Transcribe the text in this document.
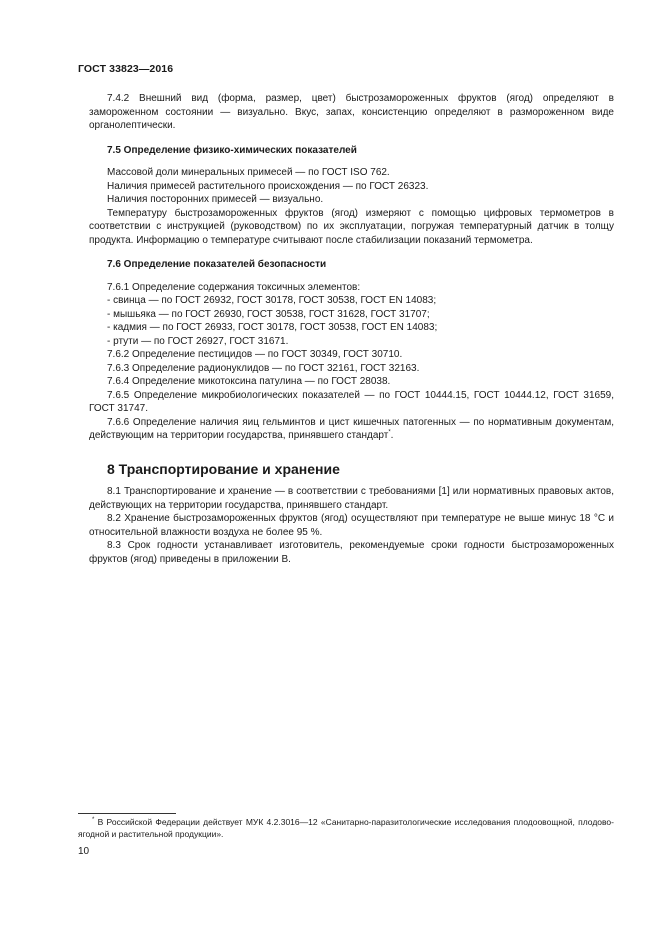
ГОСТ 33823—2016

7.4.2 Внешний вид (форма, размер, цвет) быстрозамороженных фруктов (ягод) определяют в замороженном состоянии — визуально. Вкус, запах, консистенцию определяют в размороженном виде органолептически.

7.5 Определение физико-химических показателей

Массовой доли минеральных примесей — по ГОСТ ISO 762.

Наличия примесей растительного происхождения — по ГОСТ 26323.

Наличия посторонних примесей — визуально.

Температуру быстрозамороженных фруктов (ягод) измеряют с помощью цифровых термометров в соответствии с инструкцией (руководством) по их эксплуатации, погружая температурный датчик в толщу продукта. Информацию о температуре считывают после стабилизации показаний термометра.

7.6 Определение показателей безопасности

7.6.1 Определение содержания токсичных элементов:

- свинца — по ГОСТ 26932, ГОСТ 30178, ГОСТ 30538, ГОСТ EN 14083;

- мышьяка — по ГОСТ 26930, ГОСТ 30538, ГОСТ 31628, ГОСТ 31707;

- кадмия — по ГОСТ 26933, ГОСТ 30178, ГОСТ 30538, ГОСТ EN 14083;

- ртути — по ГОСТ 26927, ГОСТ 31671.

7.6.2 Определение пестицидов — по ГОСТ 30349, ГОСТ 30710.

7.6.3 Определение радионуклидов — по ГОСТ 32161, ГОСТ 32163.

7.6.4 Определение микотоксина патулина — по ГОСТ 28038.

7.6.5 Определение микробиологических показателей — по ГОСТ 10444.15, ГОСТ 10444.12, ГОСТ 31659, ГОСТ 31747.

7.6.6 Определение наличия яиц гельминтов и цист кишечных патогенных — по нормативным документам, действующим на территории государства, принявшего стандарт*.

8 Транспортирование и хранение

8.1 Транспортирование и хранение — в соответствии с требованиями [1] или нормативных правовых актов, действующих на территории государства, принявшего стандарт.

8.2 Хранение быстрозамороженных фруктов (ягод) осуществляют при температуре не выше минус 18 °С и относительной влажности воздуха не более 95 %.

8.3 Срок годности устанавливает изготовитель, рекомендуемые сроки годности быстрозамороженных фруктов (ягод) приведены в приложении В.

* В Российской Федерации действует МУК 4.2.3016—12 «Санитарно-паразитологические исследования плодоовощной, плодово-ягодной и растительной продукции».
10
